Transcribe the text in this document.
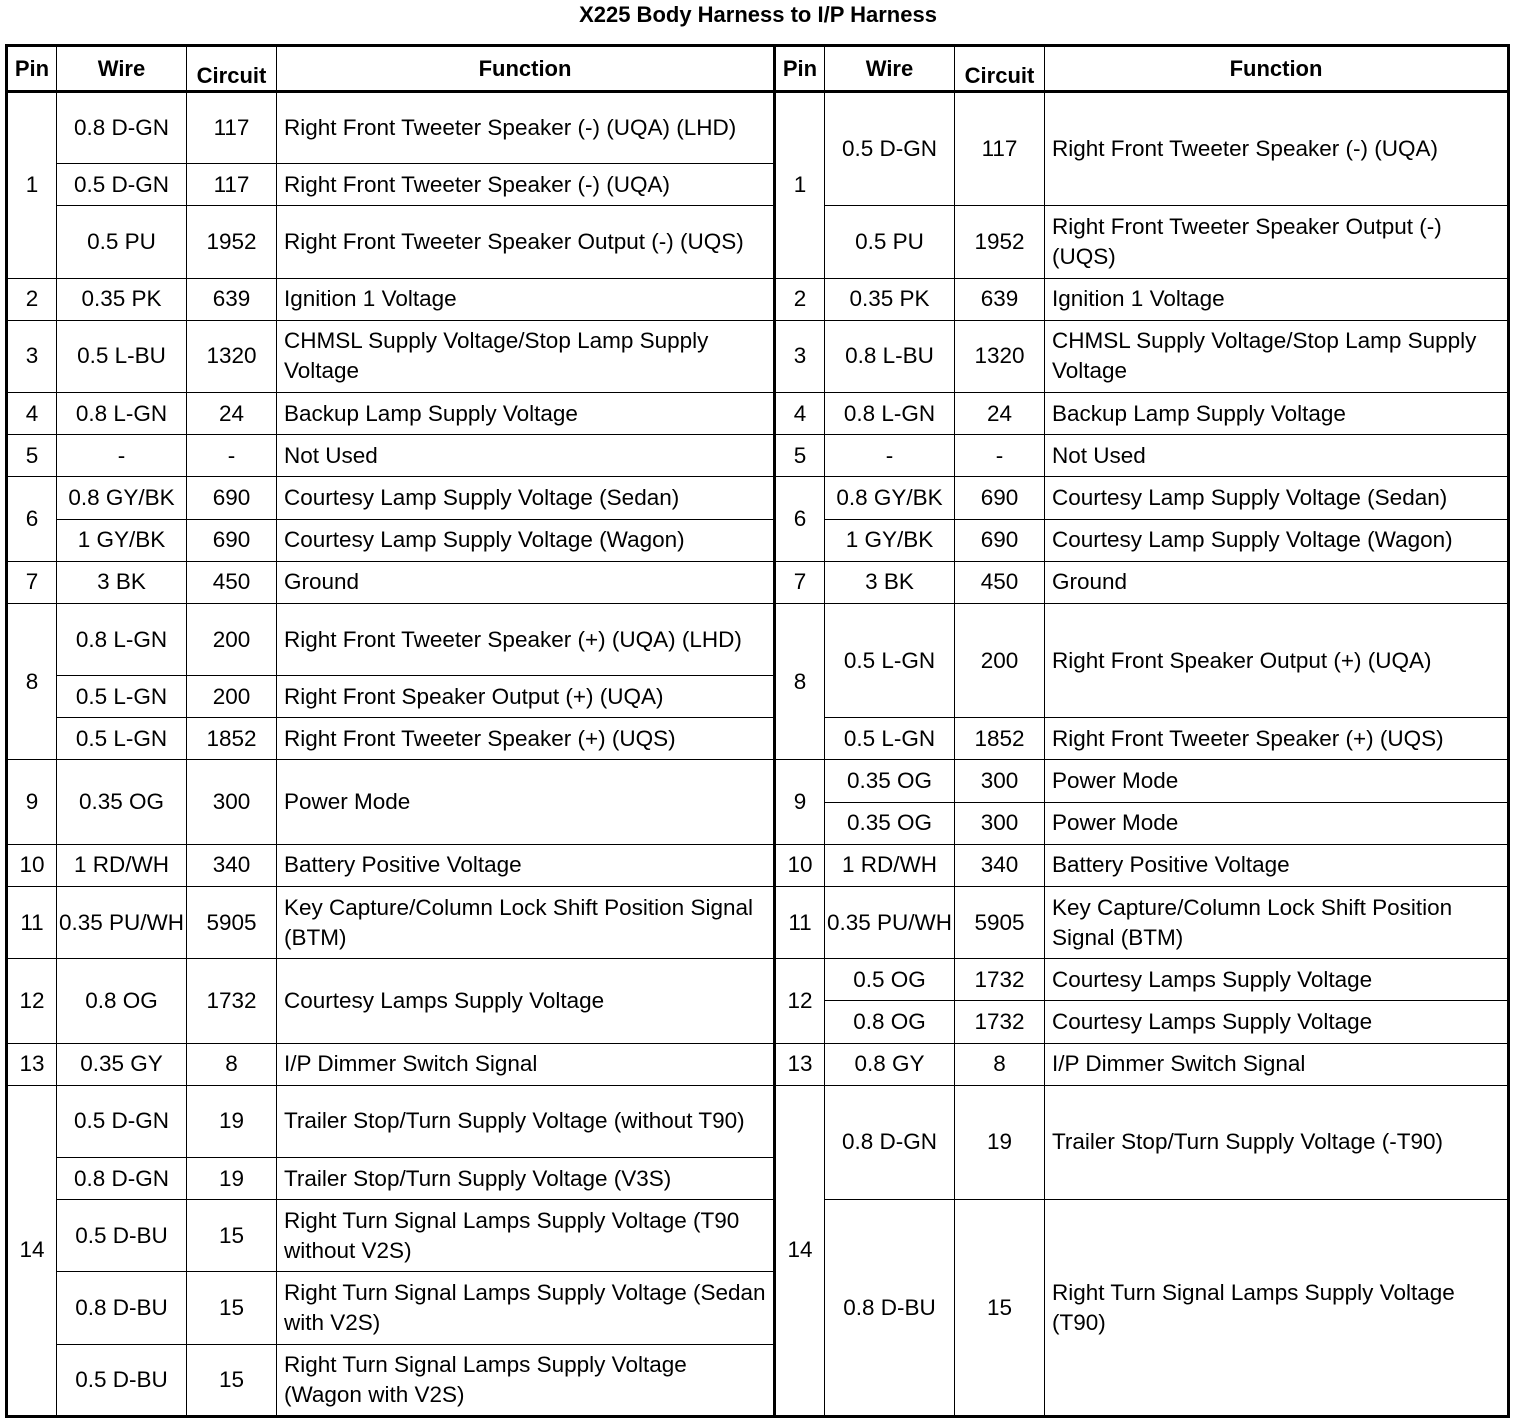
X225 Body Harness to I/P Harness
Pin	Wire	Circuit	Function	Pin	Wire	Circuit	Function
1	0.8 D-GN	117	Right Front Tweeter Speaker (-) (UQA) (LHD)	1	0.5 D-GN	117	Right Front Tweeter Speaker (-) (UQA)
	0.5 D-GN	117	Right Front Tweeter Speaker (-) (UQA)				
	0.5 PU	1952	Right Front Tweeter Speaker Output (-) (UQS)		0.5 PU	1952	Right Front Tweeter Speaker Output (-) (UQS)
2	0.35 PK	639	Ignition 1 Voltage	2	0.35 PK	639	Ignition 1 Voltage
3	0.5 L-BU	1320	CHMSL Supply Voltage/Stop Lamp Supply Voltage	3	0.8 L-BU	1320	CHMSL Supply Voltage/Stop Lamp Supply Voltage
4	0.8 L-GN	24	Backup Lamp Supply Voltage	4	0.8 L-GN	24	Backup Lamp Supply Voltage
5	-	-	Not Used	5	-	-	Not Used
6	0.8 GY/BK	690	Courtesy Lamp Supply Voltage (Sedan)	6	0.8 GY/BK	690	Courtesy Lamp Supply Voltage (Sedan)
	1 GY/BK	690	Courtesy Lamp Supply Voltage (Wagon)		1 GY/BK	690	Courtesy Lamp Supply Voltage (Wagon)
7	3 BK	450	Ground	7	3 BK	450	Ground
8	0.8 L-GN	200	Right Front Tweeter Speaker (+) (UQA) (LHD)	8	0.5 L-GN	200	Right Front Speaker Output (+) (UQA)
	0.5 L-GN	200	Right Front Speaker Output (+) (UQA)				
	0.5 L-GN	1852	Right Front Tweeter Speaker (+) (UQS)		0.5 L-GN	1852	Right Front Tweeter Speaker (+) (UQS)
9	0.35 OG	300	Power Mode	9	0.35 OG	300	Power Mode
					0.35 OG	300	Power Mode
10	1 RD/WH	340	Battery Positive Voltage	10	1 RD/WH	340	Battery Positive Voltage
11	0.35 PU/WH	5905	Key Capture/Column Lock Shift Position Signal (BTM)	11	0.35 PU/WH	5905	Key Capture/Column Lock Shift Position Signal (BTM)
12	0.8 OG	1732	Courtesy Lamps Supply Voltage	12	0.5 OG	1732	Courtesy Lamps Supply Voltage
					0.8 OG	1732	Courtesy Lamps Supply Voltage
13	0.35 GY	8	I/P Dimmer Switch Signal	13	0.8 GY	8	I/P Dimmer Switch Signal
14	0.5 D-GN	19	Trailer Stop/Turn Supply Voltage (without T90)	14	0.8 D-GN	19	Trailer Stop/Turn Supply Voltage (-T90)
	0.8 D-GN	19	Trailer Stop/Turn Supply Voltage (V3S)				
	0.5 D-BU	15	Right Turn Signal Lamps Supply Voltage (T90 without V2S)		0.8 D-BU	15	Right Turn Signal Lamps Supply Voltage (T90)
	0.8 D-BU	15	Right Turn Signal Lamps Supply Voltage (Sedan with V2S)				
	0.5 D-BU	15	Right Turn Signal Lamps Supply Voltage (Wagon with V2S)				
